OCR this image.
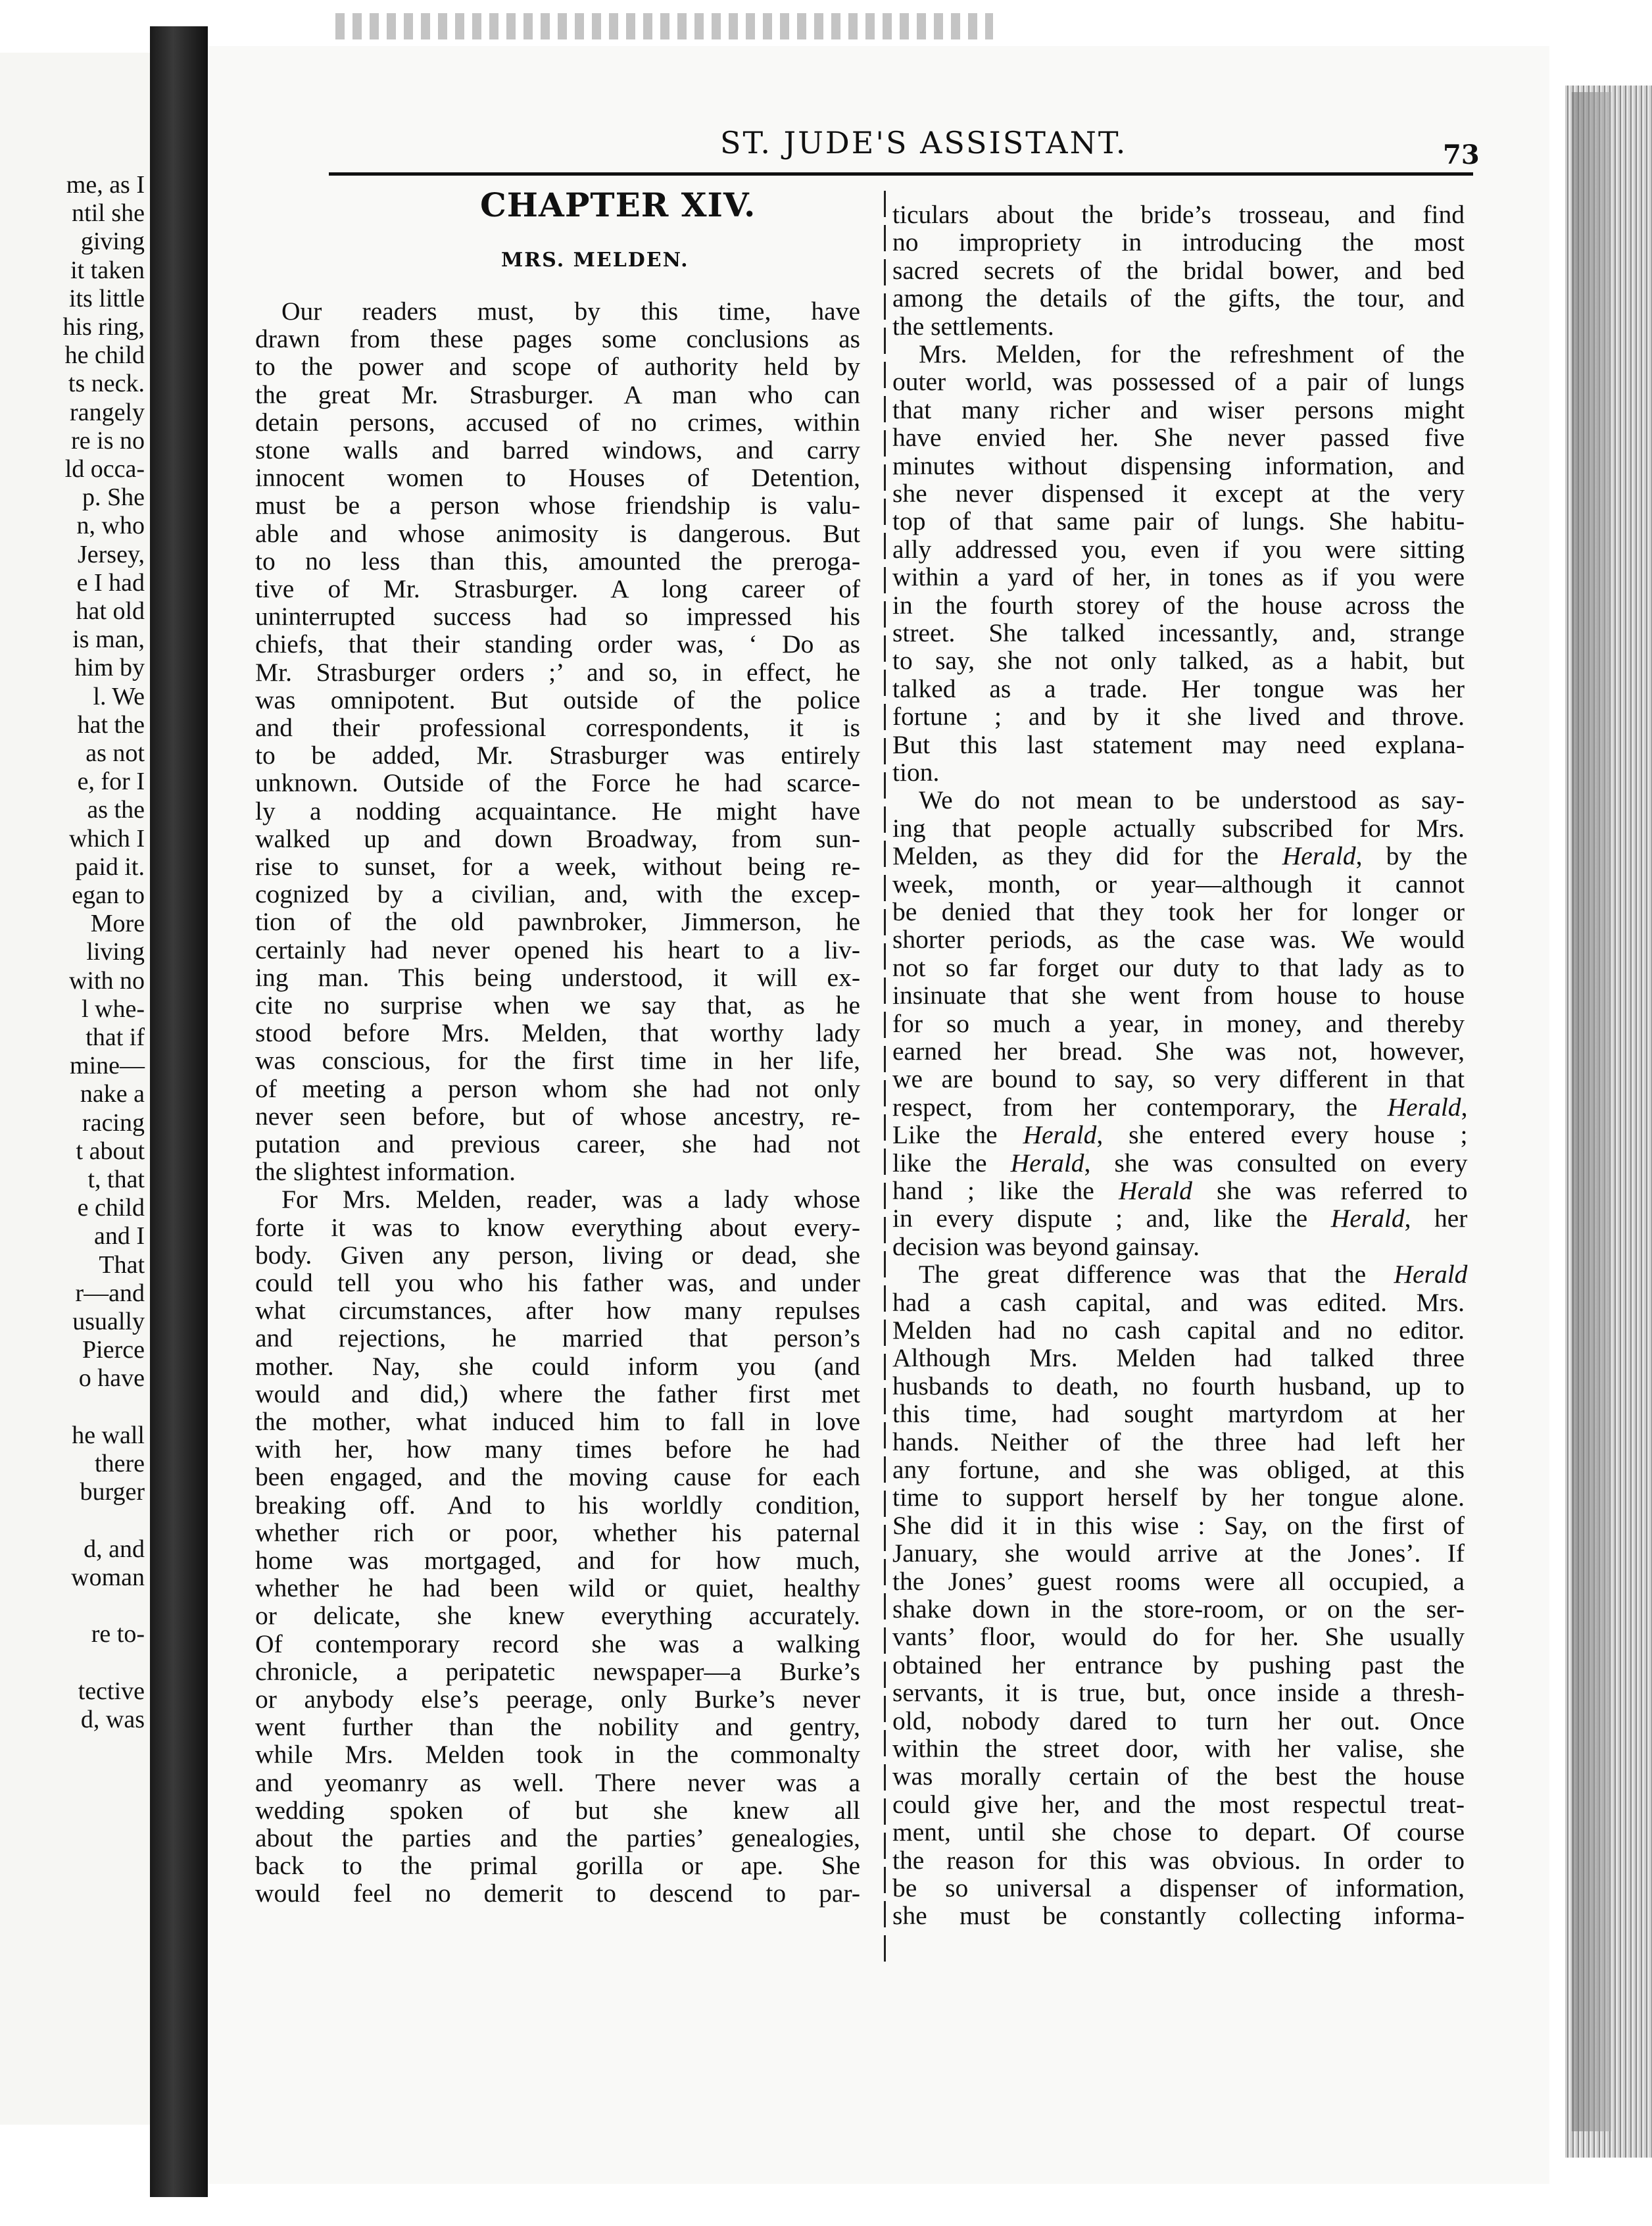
me, as I
ntil she
giving
it taken
its little
his ring,
he child
ts neck.
rangely
re is no
ld occa-
p. She
n, who
Jersey,
e I had
hat old
is man,
him by
l. We
hat the
as not
e, for I
as the
which I
paid it.
egan to
More
living
with no
l whe-
that if
mine—
nake a
racing
t about
t, that
e child
and I
That
r—and
usually
Pierce
o have
he wall
there
burger
d, and
woman
re to-
tective
d, was
ST. JUDE'S ASSISTANT.	73
CHAPTER XIV.
MRS. MELDEN.
Our readers must, by this time, have
drawn from these pages some conclusions as
to the power and scope of authority held by
the great Mr. Strasburger. A man who can
detain persons, accused of no crimes, within
stone walls and barred windows, and carry
innocent women to Houses of Detention,
must be a person whose friendship is valu-
able and whose animosity is dangerous. But
to no less than this, amounted the preroga-
tive of Mr. Strasburger. A long career of
uninterrupted success had so impressed his
chiefs, that their standing order was, ‘ Do as
Mr. Strasburger orders ;’ and so, in effect, he
was omnipotent. But outside of the police
and their professional correspondents, it is
to be added, Mr. Strasburger was entirely
unknown. Outside of the Force he had scarce-
ly a nodding acquaintance. He might have
walked up and down Broadway, from sun-
rise to sunset, for a week, without being re-
cognized by a civilian, and, with the excep-
tion of the old pawnbroker, Jimmerson, he
certainly had never opened his heart to a liv-
ing man. This being understood, it will ex-
cite no surprise when we say that, as he
stood before Mrs. Melden, that worthy lady
was conscious, for the first time in her life,
of meeting a person whom she had not only
never seen before, but of whose ancestry, re-
putation and previous career, she had not
the slightest information.
For Mrs. Melden, reader, was a lady whose
forte it was to know everything about every-
body. Given any person, living or dead, she
could tell you who his father was, and under
what circumstances, after how many repulses
and rejections, he married that person’s
mother. Nay, she could inform you (and
would and did,) where the father first met
the mother, what induced him to fall in love
with her, how many times before he had
been engaged, and the moving cause for each
breaking off. And to his worldly condition,
whether rich or poor, whether his paternal
home was mortgaged, and for how much,
whether he had been wild or quiet, healthy
or delicate, she knew everything accurately.
Of contemporary record she was a walking
chronicle, a peripatetic newspaper—a Burke’s
or anybody else’s peerage, only Burke’s never
went further than the nobility and gentry,
while Mrs. Melden took in the commonalty
and yeomanry as well. There never was a
wedding spoken of but she knew all
about the parties and the parties’ genealogies,
back to the primal gorilla or ape. She
would feel no demerit to descend to par-
ticulars about the bride’s trosseau, and find
no impropriety in introducing the most
sacred secrets of the bridal bower, and bed
among the details of the gifts, the tour, and
the settlements.
Mrs. Melden, for the refreshment of the
outer world, was possessed of a pair of lungs
that many richer and wiser persons might
have envied her. She never passed five
minutes without dispensing information, and
she never dispensed it except at the very
top of that same pair of lungs. She habitu-
ally addressed you, even if you were sitting
within a yard of her, in tones as if you were
in the fourth storey of the house across the
street. She talked incessantly, and, strange
to say, she not only talked, as a habit, but
talked as a trade. Her tongue was her
fortune ; and by it she lived and throve.
But this last statement may need explana-
tion.
We do not mean to be understood as say-
ing that people actually subscribed for Mrs.
Melden, as they did for the Herald, by the
week, month, or year—although it cannot
be denied that they took her for longer or
shorter periods, as the case was. We would
not so far forget our duty to that lady as to
insinuate that she went from house to house
for so much a year, in money, and thereby
earned her bread. She was not, however,
we are bound to say, so very different in that
respect, from her contemporary, the Herald,
Like the Herald, she entered every house ;
like the Herald, she was consulted on every
hand ; like the Herald she was referred to
in every dispute ; and, like the Herald, her
decision was beyond gainsay.
The great difference was that the Herald
had a cash capital, and was edited. Mrs.
Melden had no cash capital and no editor.
Although Mrs. Melden had talked three
husbands to death, no fourth husband, up to
this time, had sought martyrdom at her
hands. Neither of the three had left her
any fortune, and she was obliged, at this
time to support herself by her tongue alone.
She did it in this wise : Say, on the first of
January, she would arrive at the Jones’. If
the Jones’ guest rooms were all occupied, a
shake down in the store-room, or on the ser-
vants’ floor, would do for her. She usually
obtained her entrance by pushing past the
servants, it is true, but, once inside a thresh-
old, nobody dared to turn her out. Once
within the street door, with her valise, she
was morally certain of the best the house
could give her, and the most respectul treat-
ment, until she chose to depart. Of course
the reason for this was obvious. In order to
be so universal a dispenser of information,
she must be constantly collecting informa-
